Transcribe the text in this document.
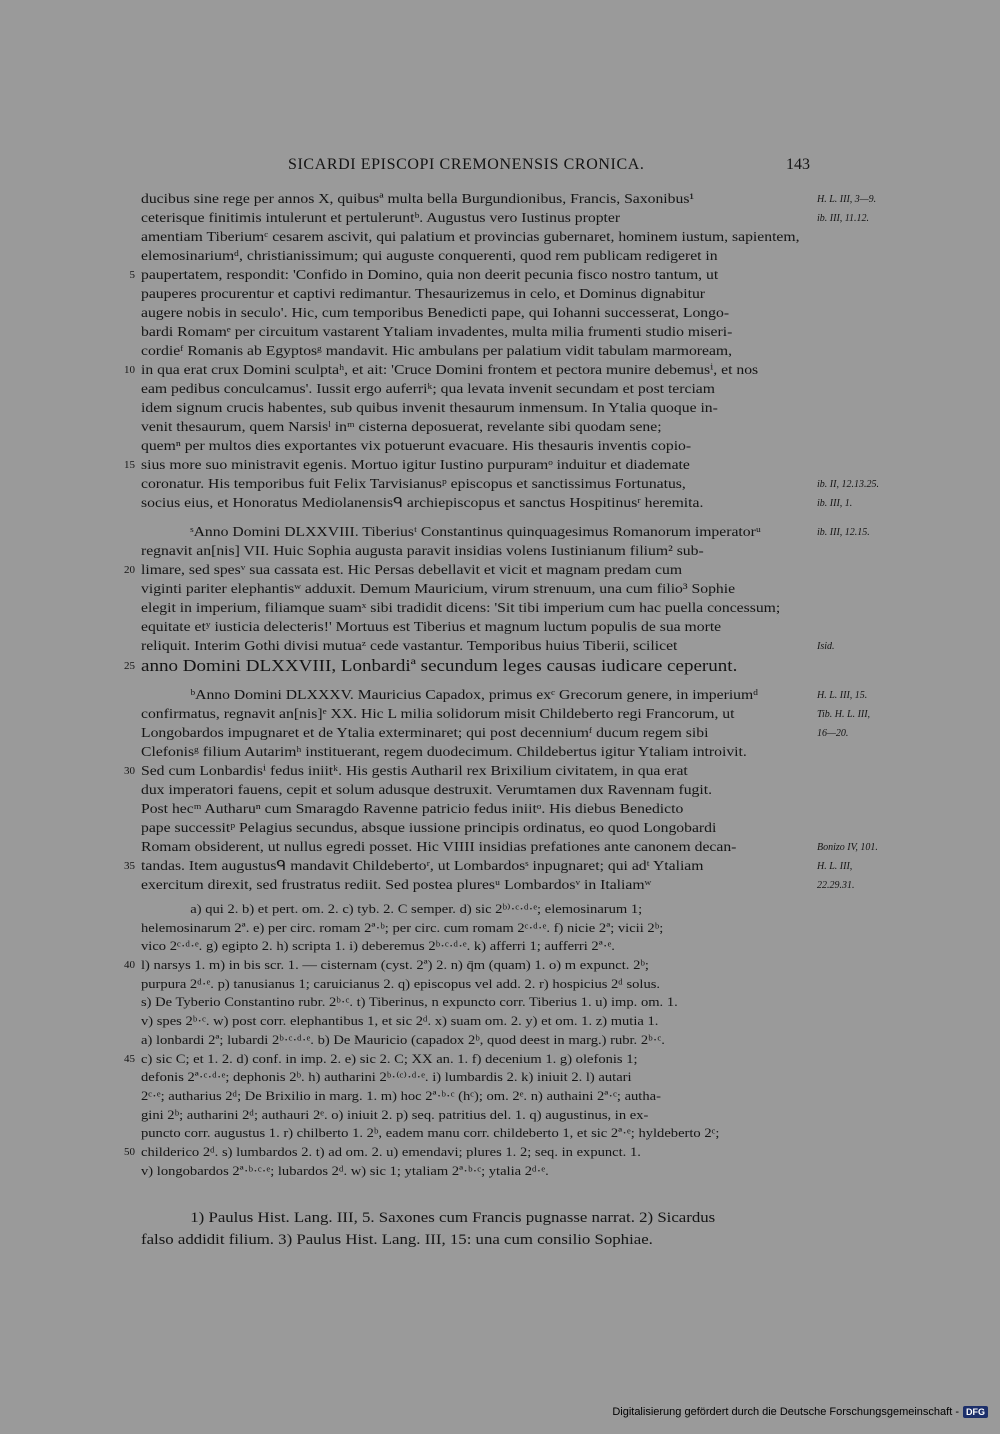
SICARDI EPISCOPI CREMONENSIS CRONICA.	143
ducibus sine rege per annos X, quibusª multa bella Burgundionibus, Francis, Saxonibus¹	H. L. III, 3—9.
ceterisque finitimis intulerunt et pertuleruntᵇ. Augustus vero Iustinus propter	ib. III, 11.12.
amentiam Tiberiumᶜ cesarem ascivit, qui palatium et provincias gubernaret, hominem iustum, sapientem,
elemosinariumᵈ, christianissimum; qui auguste conquerenti, quod rem publicam redigeret in
5 paupertatem, respondit: 'Confido in Domino, quia non deerit pecunia fisco nostro tantum, ut
pauperes procurentur et captivi redimantur. Thesaurizemus in celo, et Dominus dignabitur
augere nobis in seculo'. Hic, cum temporibus Benedicti pape, qui Iohanni successerat, Longo-
bardi Romamᵉ per circuitum vastarent Ytaliam invadentes, multa milia frumenti studio miseri-
cordieᶠ Romanis ab Egyptosᵍ mandavit. Hic ambulans per palatium vidit tabulam marmoream,
10 in qua erat crux Domini sculptaʰ, et ait: 'Cruce Domini frontem et pectora munire debemusⁱ, et nos
eam pedibus conculcamus'. Iussit ergo auferriᵏ; qua levata invenit secundam et post terciam
idem signum crucis habentes, sub quibus invenit thesaurum inmensum. In Ytalia quoque in-
venit thesaurum, quem Narsisˡ inᵐ cisterna deposuerat, revelante sibi quodam sene;
quemⁿ per multos dies exportantes vix potuerunt evacuare. His thesauris inventis copio-
15 sius more suo ministravit egenis. Mortuo igitur Iustino purpuramᵒ induitur et diademate
coronatur. His temporibus fuit Felix Tarvisianusᵖ episcopus et sanctissimus Fortunatus,	ib. II, 12.13.25.
socius eius, et Honoratus Mediolanensisᑫ archiepiscopus et sanctus Hospitinusʳ heremita.	ib. III, 1.
ˢAnno Domini DLXXVIII. Tiberiusᵗ Constantinus quinquagesimus Romanorum imperatorᵘ	ib. III, 12.15.
regnavit an[nis] VII. Huic Sophia augusta paravit insidias volens Iustinianum filium² sub-
20 limare, sed spesᵛ sua cassata est. Hic Persas debellavit et vicit et magnam predam cum
viginti pariter elephantisʷ adduxit. Demum Mauricium, virum strenuum, una cum filio³ Sophie
elegit in imperium, filiamque suamˣ sibi tradidit dicens: 'Sit tibi imperium cum hac puella concessum;
equitate etʸ iusticia delecteris!' Mortuus est Tiberius et magnum luctum populis de sua morte
reliquit. Interim Gothi divisi mutuaᶻ cede vastantur. Temporibus huius Tiberii, scilicet	Isid.
25 anno Domini DLXXVIII, Lonbardiª secundum leges causas iudicare ceperunt.
ᵇAnno Domini DLXXXV. Mauricius Capadox, primus exᶜ Grecorum genere, in imperiumᵈ	H. L. III, 15.
confirmatus, regnavit an[nis]ᵉ XX. Hic L milia solidorum misit Childeberto regi Francorum, ut	Tib. H. L. III,
Longobardos impugnaret et de Ytalia exterminaret; qui post decenniumᶠ ducum regem sibi	16—20.
Clefonisᵍ filium Autarimʰ instituerant, regem duodecimum. Childebertus igitur Ytaliam introivit.
30 Sed cum Lonbardisⁱ fedus iniitᵏ. His gestis Autharil rex Brixilium civitatem, in qua erat
dux imperatori fauens, cepit et solum adusque destruxit. Verumtamen dux Ravennam fugit.
Post hecᵐ Autharuⁿ cum Smaragdo Ravenne patricio fedus iniitᵒ. His diebus Benedicto
pape successitᵖ Pelagius secundus, absque iussione principis ordinatus, eo quod Longobardi
Romam obsiderent, ut nullus egredi posset. Hic VIIII insidias prefationes ante canonem decan-	Bonizo IV, 101.
35 tandas. Item augustusᑫ mandavit Childebertoʳ, ut Lombardosˢ inpugnaret; qui adᵗ Ytaliam	H. L. III,
exercitum direxit, sed frustratus rediit. Sed postea pluresᵘ Lombardosᵛ in Italiamʷ	22.29.31.
a) qui 2. b) et pert. om. 2. c) tyb. 2. C semper. d) sic 2ᵇ⁾·ᶜ·ᵈ·ᵉ; elemosinarum 1;
helemosinarum 2ª. e) per circ. romam 2ª·ᵇ; per circ. cum romam 2ᶜ·ᵈ·ᵉ. f) nicie 2ª; vicii 2ᵇ;
vico 2ᶜ·ᵈ·ᵉ. g) egipto 2. h) scripta 1. i) deberemus 2ᵇ·ᶜ·ᵈ·ᵉ. k) afferri 1; aufferri 2ª·ᵉ.
40 l) narsys 1. m) in bis scr. 1. — cisternam (cyst. 2ª) 2. n) q̄m (quam) 1. o) m expunct. 2ᵇ;
purpura 2ᵈ·ᵉ. p) tanusianus 1; caruicianus 2. q) episcopus vel add. 2. r) hospicius 2ᵈ solus.
s) De Tyberio Constantino rubr. 2ᵇ·ᶜ. t) Tiberinus, n expuncto corr. Tiberius 1. u) imp. om. 1.
v) spes 2ᵇ·ᶜ. w) post corr. elephantibus 1, et sic 2ᵈ. x) suam om. 2. y) et om. 1. z) mutia 1.
a) lonbardi 2ª; lubardi 2ᵇ·ᶜ·ᵈ·ᵉ. b) De Mauricio (capadox 2ᵇ, quod deest in marg.) rubr. 2ᵇ·ᶜ.
45 c) sic C; et 1. 2. d) conf. in imp. 2. e) sic 2. C; XX an. 1. f) decenium 1. g) olefonis 1;
defonis 2ª·ᶜ·ᵈ·ᵉ; dephonis 2ᵇ. h) autharini 2ᵇ·⁽ᶜ⁾·ᵈ·ᵉ. i) lumbardis 2. k) iniuit 2. l) autari
2ᶜ·ᵉ; autharius 2ᵈ; De Brixilio in marg. 1. m) hoc 2ª·ᵇ·ᶜ (hᶜ); om. 2ᵉ. n) authaini 2ª·ᶜ; autha-
gini 2ᵇ; autharini 2ᵈ; authauri 2ᵉ. o) iniuit 2. p) seq. patritius del. 1. q) augustinus, in ex-
puncto corr. augustus 1. r) chilberto 1. 2ᵇ, eadem manu corr. childeberto 1, et sic 2ª·ᵉ; hyldeberto 2ᶜ;
50 childerico 2ᵈ. s) lumbardos 2. t) ad om. 2. u) emendavi; plures 1. 2; seq. in expunct. 1.
v) longobardos 2ª·ᵇ·ᶜ·ᵉ; lubardos 2ᵈ. w) sic 1; ytaliam 2ª·ᵇ·ᶜ; ytalia 2ᵈ·ᵉ.
1) Paulus Hist. Lang. III, 5. Saxones cum Francis pugnasse narrat. 2) Sicardus
falso addidit filium. 3) Paulus Hist. Lang. III, 15: una cum consilio Sophiae.
Digitalisierung gefördert durch die Deutsche Forschungsgemeinschaft - DFG
